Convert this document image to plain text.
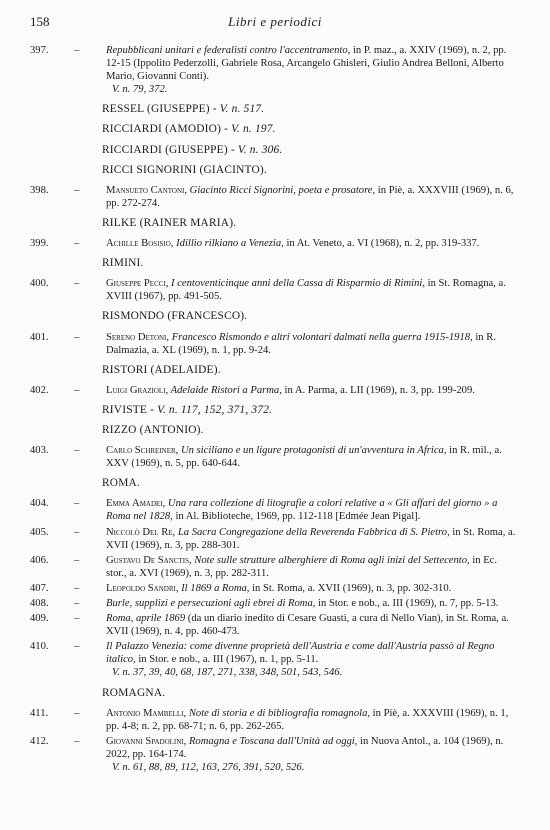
158	Libri e periodici
397.	–	Repubblicani unitari e federalisti contro l'accentramento, in P. maz., a. XXIV (1969), n. 2, pp. 12-15 (Ippolito Pederzolli, Gabriele Rosa, Arcangelo Ghisleri, Giulio Andrea Belloni, Alberto Mario, Giovanni Conti).
V. n. 79, 372.
RESSEL (GIUSEPPE) - V. n. 517.
RICCIARDI (AMODIO) - V. n. 197.
RICCIARDI (GIUSEPPE) - V. n. 306.
RICCI SIGNORINI (GIACINTO).
398.	–	Mansueto Cantoni, Giacinto Ricci Signorini, poeta e prosatore, in Piè, a. XXXVIII (1969), n. 6, pp. 272-274.
RILKE (RAINER MARIA).
399.	–	Achille Bosisio, Idillio rilkiano a Venezia, in At. Veneto, a. VI (1968), n. 2, pp. 319-337.
RIMINI.
400.	–	Giuseppe Pecci, I centoventicinque anni della Cassa di Risparmio di Rimini, in St. Romagna, a. XVIII (1967), pp. 491-505.
RISMONDO (FRANCESCO).
401.	–	Sereno Detoni, Francesco Rismondo e altri volontari dalmati nella guerra 1915-1918, in R. Dalmazia, a. XL (1969), n. 1, pp. 9-24.
RISTORI (ADELAIDE).
402.	–	Luigi Grazioli, Adelaide Ristori a Parma, in A. Parma, a. LII (1969), n. 3, pp. 199-209.
RIVISTE - V. n. 117, 152, 371, 372.
RIZZO (ANTONIO).
403.	–	Carlo Schreiner, Un siciliano e un ligure protagonisti di un'avventura in Africa, in R. mil., a. XXV (1969), n. 5, pp. 640-644.
ROMA.
404.	–	Emma Amadei, Una rara collezione di litografie a colori relative a « Gli affari del giorno » a Roma nel 1828, in Al. Biblioteche, 1969, pp. 112-118 [Edmée Jean Pigal].
405.	–	Niccolò Del Re, La Sacra Congregazione della Reverenda Fabbrica di S. Pietro, in St. Roma, a. XVII (1969), n. 3, pp. 288-301.
406.	–	Gustavo De Sanctis, Note sulle strutture alberghiere di Roma agli inizi del Settecento, in Ec. stor., a. XVI (1969), n. 3, pp. 282-311.
407.	–	Leopoldo Sandri, Il 1869 a Roma, in St. Roma, a. XVII (1969), n. 3, pp. 302-310.
408.	–	Burle, supplizi e persecuzioni agli ebrei di Roma, in Stor. e nob., a. III (1969), n. 7, pp. 5-13.
409.	–	Roma, aprile 1869 (da un diario inedito di Cesare Guasti, a cura di Nello Vian), in St. Roma, a. XVII (1969), n. 4, pp. 460-473.
410.	–	Il Palazzo Venezia: come divenne proprietà dell'Austria e come dall'Austria passò al Regno italico, in Stor. e nob., a. III (1967), n. 1, pp. 5-11.
V. n. 37, 39, 40, 68, 187, 271, 338, 348, 501, 543, 546.
ROMAGNA.
411.	–	Antonio Mambelli, Note di storia e di bibliografia romagnola, in Piè, a. XXXVIII (1969), n. 1, pp. 4-8; n. 2, pp. 68-71; n. 6, pp. 262-265.
412.	–	Giovanni Spadolini, Romagna e Toscana dall'Unità ad oggi, in Nuova Antol., a. 104 (1969), n. 2022, pp. 164-174.
V. n. 61, 88, 89, 112, 163, 276, 391, 520, 526.
